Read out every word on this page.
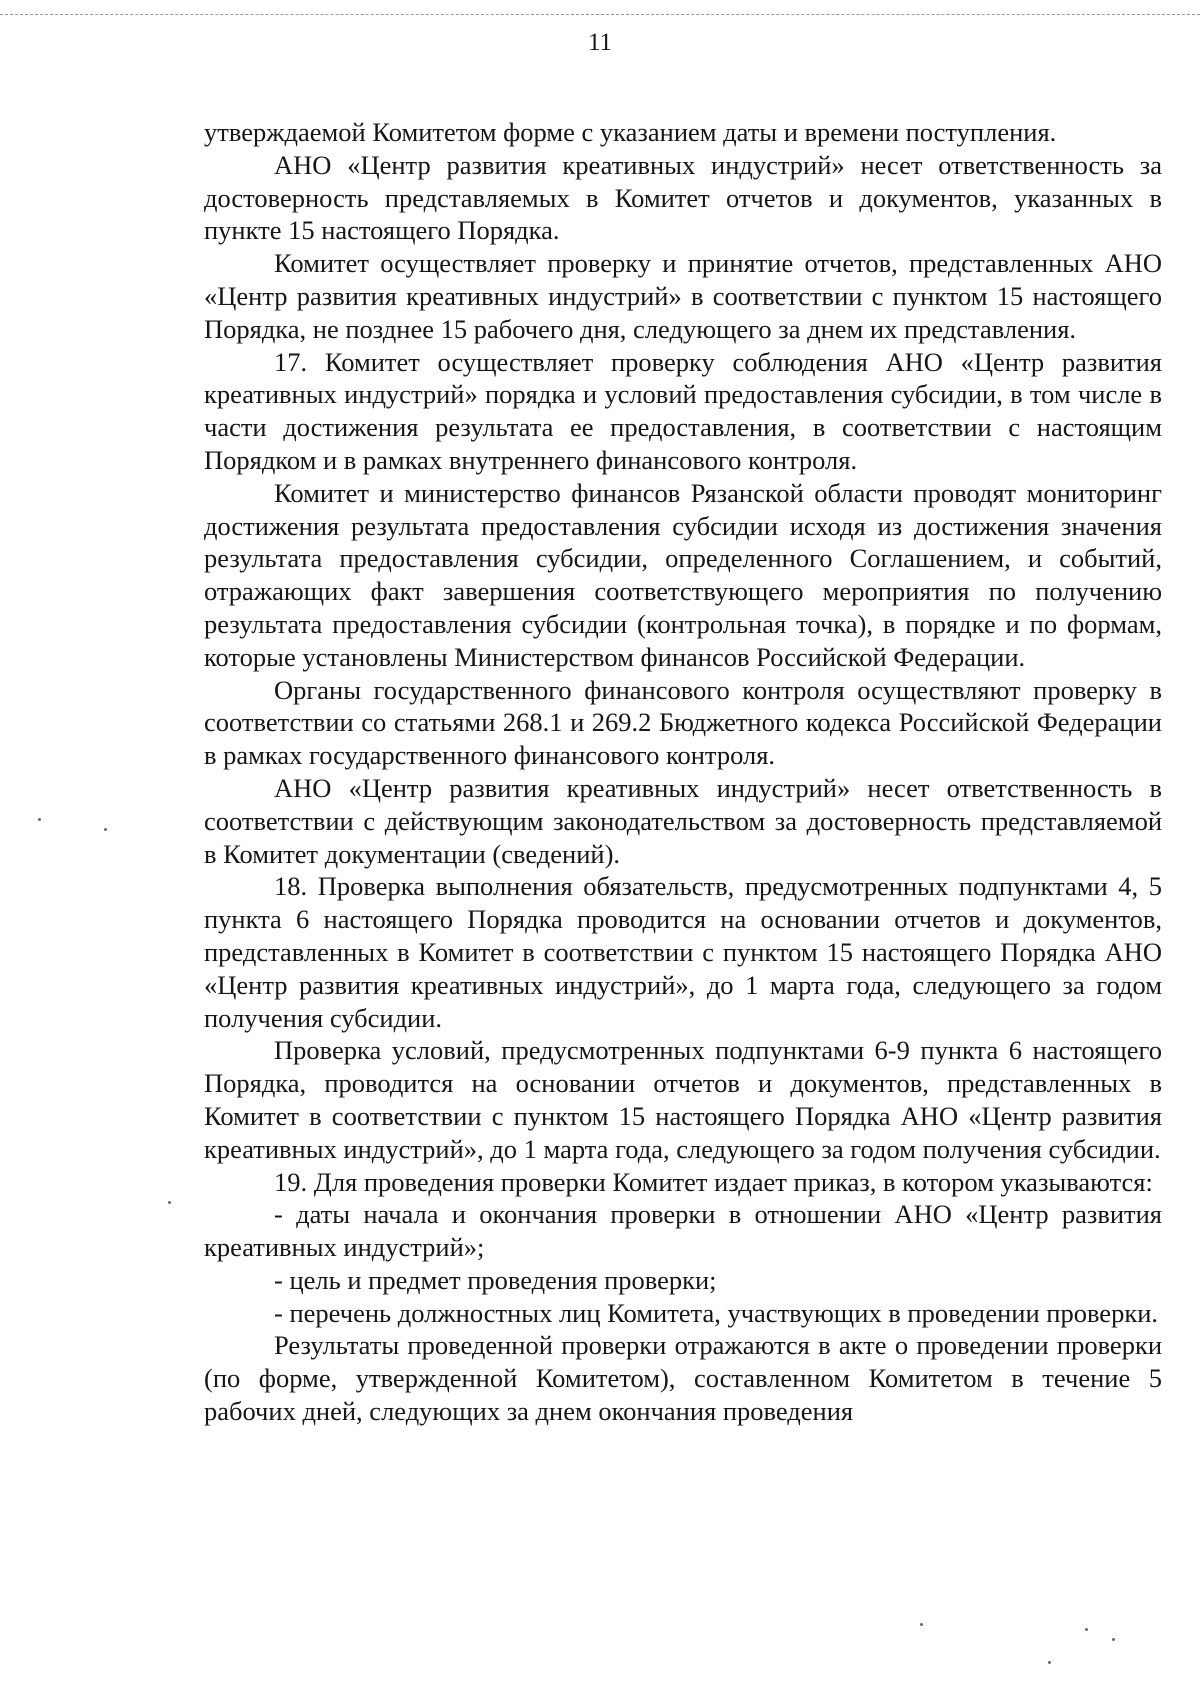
11

утверждаемой Комитетом форме с указанием даты и времени поступления.

АНО «Центр развития креативных индустрий» несет ответственность за достоверность представляемых в Комитет отчетов и документов, указанных в пункте 15 настоящего Порядка.

Комитет осуществляет проверку и принятие отчетов, представленных АНО «Центр развития креативных индустрий» в соответствии с пунктом 15 настоящего Порядка, не позднее 15 рабочего дня, следующего за днем их представления.

17. Комитет осуществляет проверку соблюдения АНО «Центр развития креативных индустрий» порядка и условий предоставления субсидии, в том числе в части достижения результата ее предоставления, в соответствии с настоящим Порядком и в рамках внутреннего финансового контроля.

Комитет и министерство финансов Рязанской области проводят мониторинг достижения результата предоставления субсидии исходя из достижения значения результата предоставления субсидии, определенного Соглашением, и событий, отражающих факт завершения соответствующего мероприятия по получению результата предоставления субсидии (контрольная точка), в порядке и по формам, которые установлены Министерством финансов Российской Федерации.

Органы государственного финансового контроля осуществляют проверку в соответствии со статьями 268.1 и 269.2 Бюджетного кодекса Российской Федерации в рамках государственного финансового контроля.

АНО «Центр развития креативных индустрий» несет ответственность в соответствии с действующим законодательством за достоверность представляемой в Комитет документации (сведений).

18. Проверка выполнения обязательств, предусмотренных подпунктами 4, 5 пункта 6 настоящего Порядка проводится на основании отчетов и документов, представленных в Комитет в соответствии с пунктом 15 настоящего Порядка АНО «Центр развития креативных индустрий», до 1 марта года, следующего за годом получения субсидии.

Проверка условий, предусмотренных подпунктами 6-9 пункта 6 настоящего Порядка, проводится на основании отчетов и документов, представленных в Комитет в соответствии с пунктом 15 настоящего Порядка АНО «Центр развития креативных индустрий», до 1 марта года, следующего за годом получения субсидии.

19. Для проведения проверки Комитет издает приказ, в котором указываются:

- даты начала и окончания проверки в отношении АНО «Центр развития креативных индустрий»;

- цель и предмет проведения проверки;

- перечень должностных лиц Комитета, участвующих в проведении проверки.

Результаты проведенной проверки отражаются в акте о проведении проверки (по форме, утвержденной Комитетом), составленном Комитетом в течение 5 рабочих дней, следующих за днем окончания проведения
